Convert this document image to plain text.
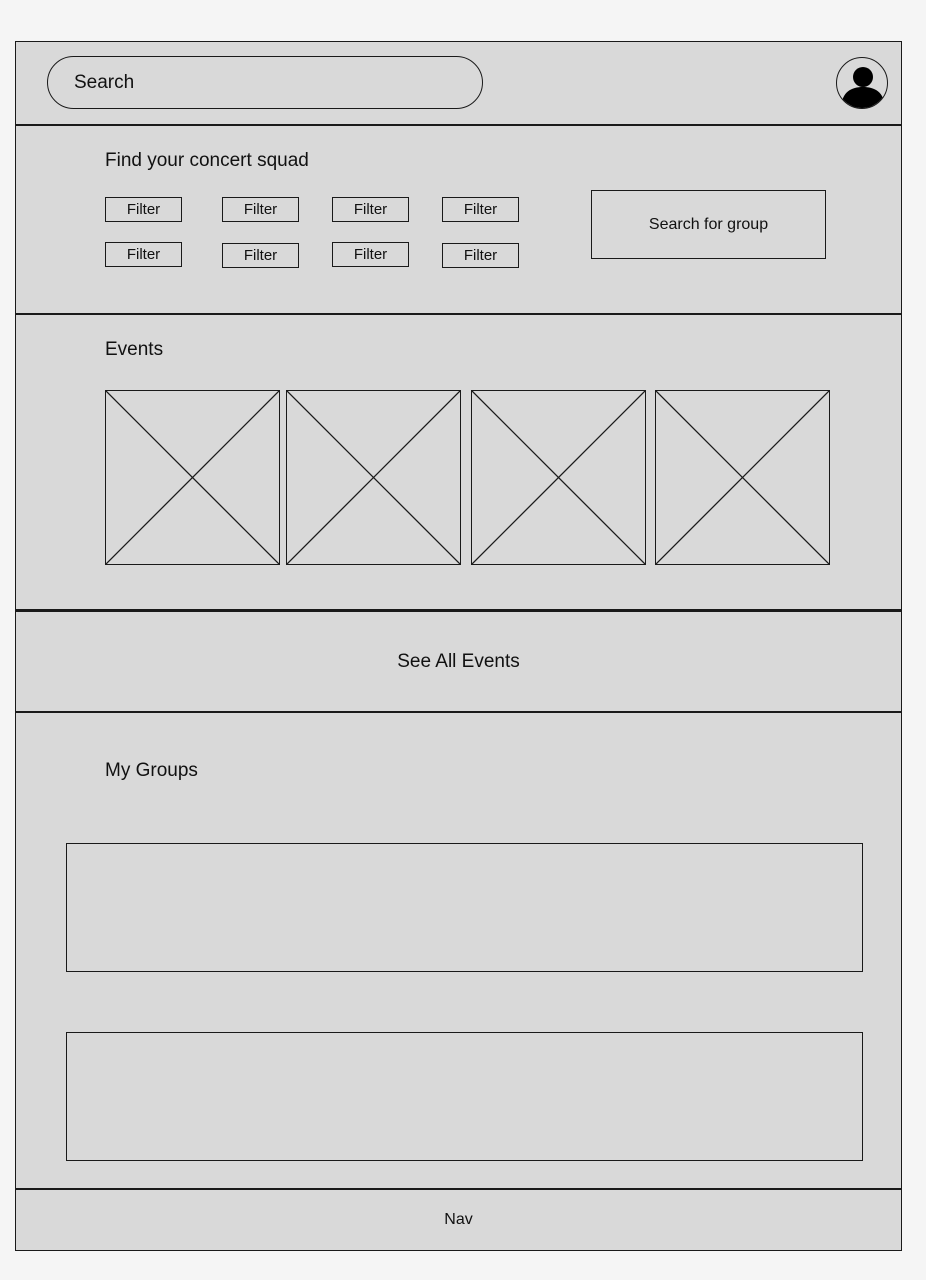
Search
Find your concert squad
Filter	Filter	Filter	Filter
Filter	Filter	Filter	Filter
Search for group
Events
See All Events
My Groups
Nav
